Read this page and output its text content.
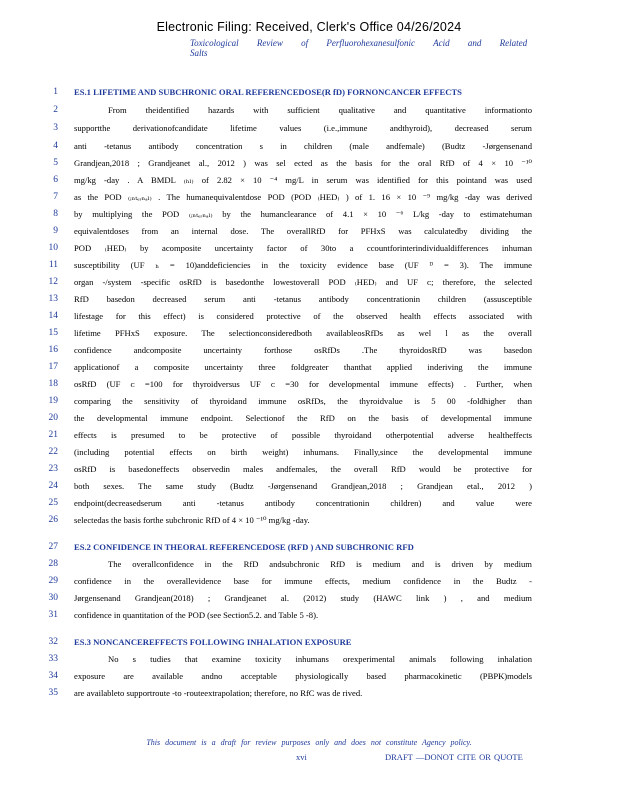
Electronic Filing: Received, Clerk's Office 04/26/2024
Toxicological Review of Perfluorohexanesulfonic Acid and Related Salts
1 ES.1 LIFETIME AND SUBCHRONIC ORAL REFERENCEDOSE(R fD) FORNONCANCER EFFECTS
2	From theidentified hazards with sufficient qualitative and quantitative informationto
3 supportthe derivationofcandidate lifetime values (i.e.,immune andthyroid), decreased serum
4 anti -tetanus antibody concentration s in children (male andfemale) (Budtz -Jørgensenand
5 Grandjean,2018 ; Grandjeanet al., 2012 ) was sel ected as the basis for the oral RfD of 4 × 10 ⁻¹⁰
6 mg/kg -day . A BMDL ₍ₕₗ₎ of 2.82 × 10 ⁻⁴ mg/L in serum was identified for this pointand was used
7 as the POD ₍ᵢₙₜₑᵣₙₐₗ₎ . The humanequivalentdose POD (POD ₍HED₎ ) of 1. 16 × 10 ⁻⁹ mg/kg -day was derived
8 by multiplying the POD ₍ᵢₙₜₑᵣₙₐₗ₎ by the humanclearance of 4.1 × 10 ⁻⁶ L/kg -day to estimatehuman
9 equivalentdoses from an internal dose. The overallRfD for PFHxS was calculatedby dividing the
10 POD ₍HED₎ by acomposite uncertainty factor of 30to a ccountforinterindividualdifferences inhuman
11 susceptibility (UF ₕ = 10)anddeficiencies in the toxicity evidence base (UF ᴰ = 3). The immune
12 organ -/system -specific osRfD is basedonthe lowestoverall POD ₍HED₎ and UF ᴄ; therefore, the selected
13 RfD basedon decreased serum anti -tetanus antibody concentrationin children (assusceptible
14 lifestage for this effect) is considered protective of the observed health effects associated with
15 lifetime PFHxS exposure. The selectionconsideredboth availableosRfDs as wel l as the overall
16 confidence andcomposite uncertainty forthose osRfDs .The thyroidosRfD was basedon
17 applicationof a composite uncertainty three foldgreater thanthat applied inderiving the immune
18 osRfD (UF ᴄ =100 for thyroidversus UF ᴄ =30 for developmental immune effects) . Further, when
19 comparing the sensitivity of thyroidand immune osRfDs, the thyroidvalue is 5 00 -foldhigher than
20 the developmental immune endpoint. Selectionof the RfD on the basis of developmental immune
21 effects is presumed to be protective of possible thyroidand otherpotential adverse healtheffects
22 (including potential effects on birth weight) inhumans. Finally,since the developmental immune
23 osRfD is basedoneffects observedin males andfemales, the overall RfD would be protective for
24 both sexes. The same study (Budtz -Jørgensenand Grandjean,2018 ; Grandjean etal., 2012 )
25 endpoint(decreasedserum anti -tetanus antibody concentrationin children) and value were
26 selectedas the basis forthe subchronic RfD of 4 × 10 ⁻¹⁰ mg/kg -day.
27 ES.2 CONFIDENCE IN THEORAL REFERENCEDOSE (RFD ) AND SUBCHRONIC RFD
28	The overallconfidence in the RfD andsubchronic RfD is medium and is driven by medium
29 confidence in the overallevidence base for immune effects, medium confidence in the Budtz -
30 Jørgensenand Grandjean(2018) ; Grandjeanet al. (2012) study (HAWC link ) , and medium
31 confidence in quantitation of the POD (see Section5.2. and Table 5 -8).
32 ES.3 NONCANCEREFFECTS FOLLOWING INHALATION EXPOSURE
33	No s tudies that examine toxicity inhumans orexperimental animals following inhalation
34 exposure are available andno acceptable physiologically based pharmacokinetic (PBPK)models
35 are availableto supportroute -to -routeextrapolation; therefore, no RfC was de rived.
This document is a draft for review purposes only and does not constitute Agency policy.
xvi	DRAFT —DONOT CITE OR QUOTE
